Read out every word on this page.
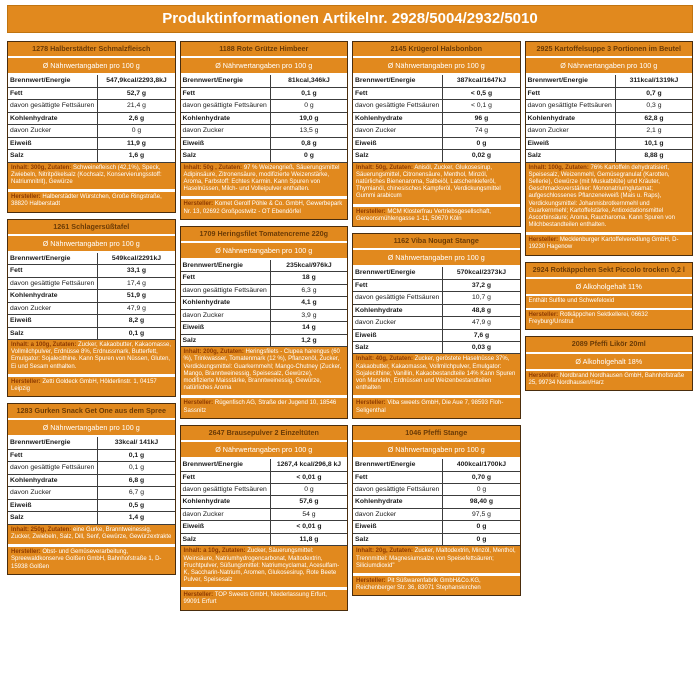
Produktinformationen Artikelnr. 2928/5004/2932/5010
1278 Halberstädter Schmalzfleisch
Ø Nährwertangaben pro 100 g
Brennwert/Energie	547,9kcal/2293,8kJ
Fett	52,7 g
davon gesättigte Fettsäuren	21,4 g
Kohlenhydrate	2,6 g
davon Zucker	0 g
Eiweiß	11,9 g
Salz	1,6 g
Inhalt: 300g, Zutaten: Schweinefleisch (42,1%), Speck, Zwiebeln, Nitritpökelsalz (Kochsalz, Konservierungsstoff: Natriumnitrit), Gewürze
Hersteller: Halberstädter Würstchen, Große Ringstraße, 38820 Halberstadt
1261 Schlagersüßtafel
Ø Nährwertangaben pro 100 g
Brennwert/Energie	549kcal/2291kJ
Fett	33,1 g
davon gesättigte Fettsäuren	17,4 g
Kohlenhydrate	51,9 g
davon Zucker	47,9 g
Eiweiß	8,2 g
Salz	0,1 g
Inhalt: a 100g, Zutaten: Zucker, Kakaobutter, Kakaomasse, Vollmilchpulver, Erdnüsse 8%, Erdnussmark, Butterfett, Emulgator: Sojalecithine. Kann Spuren von Nüssen, Gluten, Ei und Sesam enthalten.
Hersteller: Zetti Goldeck GmbH, Hölderlinstr. 1, 04157 Leipzig
1283 Gurken Snack Get One aus dem Spree
Ø Nährwertangaben pro 100 g
Brennwert/Energie	33kcal/ 141kJ
Fett	0,1 g
davon gesättigte Fettsäuren	0,1 g
Kohlenhydrate	6,8 g
davon Zucker	6,7 g
Eiweiß	0,5 g
Salz	1,4 g
Inhalt: 250g, Zutaten: eine Gurke, Branntweinessig, Zucker, Zwiebeln, Salz, Dill, Senf, Gewürze, Gewürzextrakte
Hersteller: Obst- und Gemüseverarbeitung, Spreewaldkonserve Golßen GmbH, Bahnhofstraße 1, D-15938 Golßen
1188 Rote Grütze Himbeer
Ø Nährwertangaben pro 100 g
Brennwert/Energie	81kcal,346kJ
Fett	0,1 g
davon gesättigte Fettsäuren	0 g
Kohlenhydrate	19,0 g
davon Zucker	13,5 g
Eiweiß	0,8 g
Salz	0 g
Inhalt: 50g , Zutaten: 97 % Weizengrieß, Säuerungsmittel Adipinsäure, Zitronensäure, modifizierte Weizenstärke, Aroma, Farbstoff: Echtes Karmin. Kann Spuren von Haselnüssen, Milch- und Volleipulver enthalten.
Hersteller: Komet Gerolf Pöhle & Co. GmbH, Gewerbepark Nr. 13, 02692 Großpostwitz - OT Ebendörfel
1709 Heringsfilet Tomatencreme 220g
Ø Nährwertangaben pro 100 g
Brennwert/Energie	235kcal/976kJ
Fett	18 g
davon gesättigte Fettsäuren	6,3 g
Kohlenhydrate	4,1 g
davon Zucker	3,9 g
Eiweiß	14 g
Salz	1,2 g
Inhalt: 200g, Zutaten: Heringsfilets - Clupea harengus (60 %), Trinkwasser, Tomatenmark (12 %), Pflanzenöl, Zucker, Verdickungsmittel: Guarkernmehl; Mango-Chutney (Zucker, Mango, Branntweinessig, Speisesalz, Gewürze), modifizierte Maisstärke, Branntweinessig, Gewürze, natürliches Aroma
Hersteller: Rügenfisch AG, Straße der Jugend 10, 18546 Sassnitz
2647 Brausepulver 2 Einzeltüten
Ø Nährwertangaben pro 100 g
Brennwert/Energie	1267,4 kcal/296,8 kJ
Fett	< 0,01 g
davon gesättigte Fettsäuren	0 g
Kohlenhydrate	57,6 g
davon Zucker	54 g
Eiweiß	< 0,01 g
Salz	11,8 g
Inhalt: a 10g, Zutaten: Zucker, Säuerungsmittel: Weinsäure, Natriumhydrogencarbonat, Maltodextrin, Fruchtpulver, Süßungsmittel: Natriumcyclamat, Acesulfam-K, Saccharin-Natrium, Aromen, Glukosesirup, Rote Beete Pulver, Speisesalz
Hersteller: TOP Sweets GmbH, Niederlassung Erfurt, 99091 Erfurt
2145 Krügerol Halsbonbon
Ø Nährwertangaben pro 100 g
Brennwert/Energie	387kcal/1647kJ
Fett	< 0,5 g
davon gesättigte Fettsäuren	< 0,1 g
Kohlenhydrate	96 g
davon Zucker	74 g
Eiweiß	0 g
Salz	0,02 g
Inhalt: 50g, Zutaten: Anisöl, Zucker, Glukosesirup, Säuerungsmittel, Citronensäure, Menthol, Minzöl, natürliches Bienenaroma, Salbeiöl, Latschenkieferöl, Thymianöl, chinesisches Kampferöl, Verdickungsmittel Gummi arabicum
Hersteller: MCM Klosterfrau Vertriebsgesellschaft, Gereonsmühlengasse 1-11, 50670 Köln
1162 Viba Nougat Stange
Ø Nährwertangaben pro 100 g
Brennwert/Energie	570kcal/2373kJ
Fett	37,2 g
davon gesättigte Fettsäuren	10,7 g
Kohlenhydrate	48,8 g
davon Zucker	47,9 g
Eiweiß	7,6 g
Salz	0,03 g
Inhalt: 40g, Zutaten: Zucker, geröstete Haselnüsse 37%, Kakaobutter, Kakaomasse, Vollmilchpulver, Emulgator: Sojalecithine; Vanillin, Kakaobestandteile 14% Kann Spuren von Mandeln, Erdnüssen und Weizenbestandteilen enthalten
Hersteller: Viba sweets GmbH, Die Aue 7, 98593 Floh-Seligenthal
1046 Pfeffi Stange
Ø Nährwertangaben pro 100 g
Brennwert/Energie	400kcal/1700kJ
Fett	0,70 g
davon gesättigte Fettsäuren	0 g
Kohlenhydrate	98,40 g
davon Zucker	97,5 g
Eiweiß	0 g
Salz	0 g
Inhalt: 20g, Zutaten: Zucker, Maltodextrin, Minzöl, Menthol, Trennmittel: Magnesiumsalze von Speisefettsäuren; Siliciumdioxid"
Hersteller: Pit Süßwarenfabrik GmbH&Co.KG, Reichenberger Str. 36, 83071 Stephanskirchen
2925 Kartoffelsuppe 3 Portionen im Beutel
Ø Nährwertangaben pro 100 g
Brennwert/Energie	311kcal/1319kJ
Fett	0,7 g
davon gesättigte Fettsäuren	0,3 g
Kohlenhydrate	62,8 g
davon Zucker	2,1 g
Eiweiß	10,1 g
Salz	8,88 g
Inhalt: 100g, Zutaten: 76% Kartoffeln dehydratisiert, Speisesalz, Weizenmehl, Gemüsegranulat (Karotten, Sellerie), Gewürze (mit Muskatblüte) und Kräuter, Geschmacksverstärker: Mononatriumglutamat; aufgeschlossenes Pflanzeneiweiß (Mais u. Raps), Verdickungsmittel: Johannisbrotkernmehl und Guarkernmehl; Kartoffelstärke, Antioxidationsmittel Ascorbinsäure; Aroma, Raucharoma. Kann Spuren von Milchbestandteilen enthalten.
Hersteller: Mecklenburger Kartoffelveredlung GmbH, D-19230 Hagenow
2924 Rotkäppchen Sekt Piccolo trocken 0,2 l
Ø Alkoholgehalt 11%
Enthält Sulfite und Schwefeloxid
Hersteller: Rotkäppchen Sektkellerei, 06632 Freyburg/Unstrut
2089 Pfeffi Likör 20ml
Ø Alkoholgehalt 18%
Hersteller: Nordbrand Nordhausen GmbH, Bahnhofstraße 25, 99734 Nordhausen/Harz
